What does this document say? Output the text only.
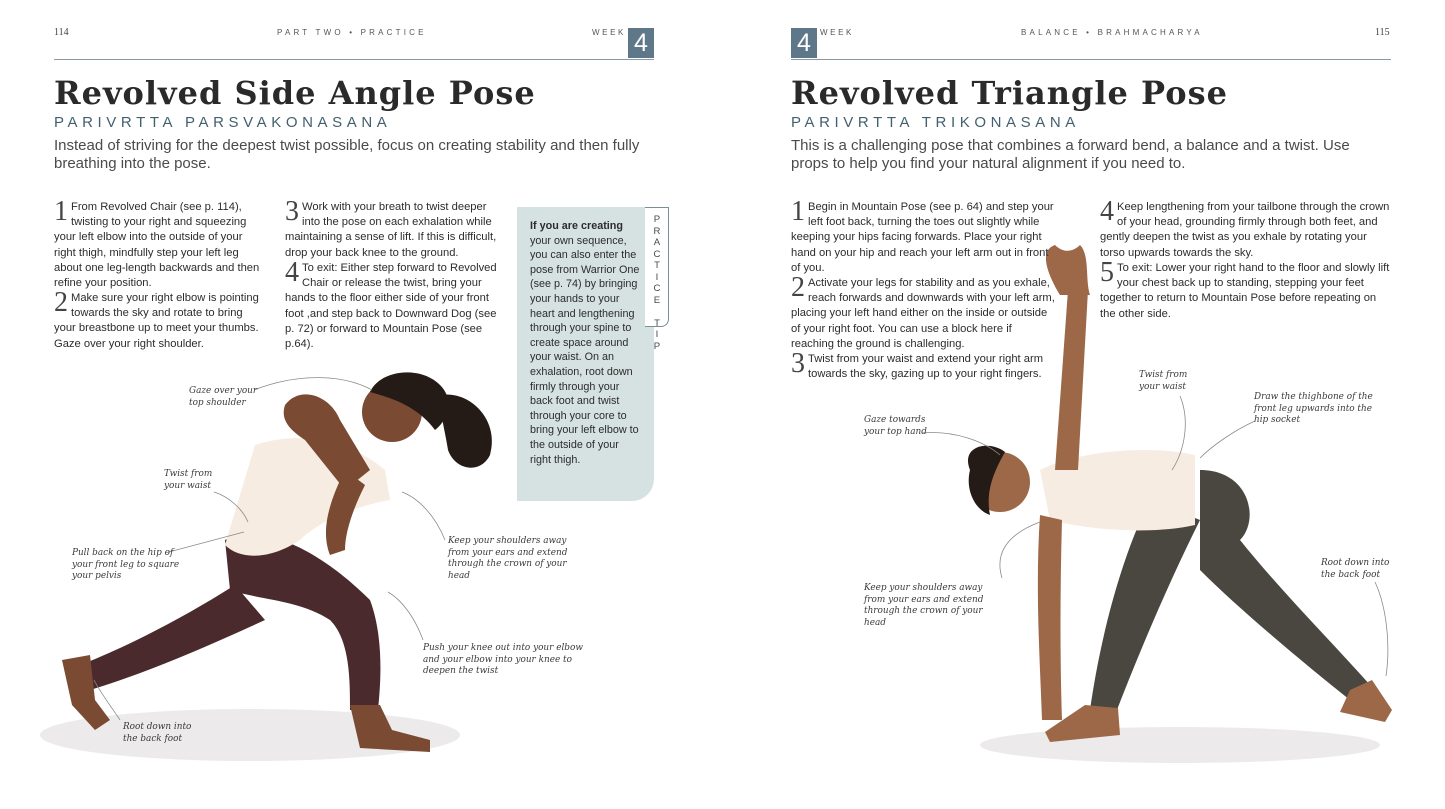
114	PART TWO • PRACTICE	WEEK 4
Revolved Side Angle Pose
PARIVRTTA PARSVAKONASANA
Instead of striving for the deepest twist possible, focus on creating stability and then fully breathing into the pose.
1 From Revolved Chair (see p. 114), twisting to your right and squeezing your left elbow into the outside of your right thigh, mindfully step your left leg about one leg-length backwards and then refine your position.
2 Make sure your right elbow is pointing towards the sky and rotate to bring your breastbone up to meet your thumbs. Gaze over your right shoulder.
3 Work with your breath to twist deeper into the pose on each exhalation while maintaining a sense of lift. If this is difficult, drop your back knee to the ground.
4 To exit: Either step forward to Revolved Chair or release the twist, bring your hands to the floor either side of your front foot ,and step back to Downward Dog (see p. 72) or forward to Mountain Pose (see p.64).
If you are creating your own sequence, you can also enter the pose from Warrior One (see p. 74) by bringing your hands to your heart and lengthening through your spine to create space around your waist. On an exhalation, root down firmly through your back foot and twist through your core to bring your left elbow to the outside of your right thigh.
P
R
A
C
T
I
C
E

T
I
P
Gaze over your top shoulder
Twist from your waist
Pull back on the hip of your front leg to square your pelvis
Keep your shoulders away from your ears and extend through the crown of your head
Push your knee out into your elbow and your elbow into your knee to deepen the twist
Root down into the back foot
4	WEEK	BALANCE • BRAHMACHARYA	115
Revolved Triangle Pose
PARIVRTTA TRIKONASANA
This is a challenging pose that combines a forward bend, a balance and a twist. Use props to help you find your natural alignment if you need to.
1 Begin in Mountain Pose (see p. 64) and step your left foot back, turning the toes out slightly while keeping your hips facing forwards. Place your right hand on your hip and reach your left arm out in front of you.
2 Activate your legs for stability and as you exhale, reach forwards and downwards with your left arm, placing your left hand either on the inside or outside of your right foot. You can use a block here if reaching the ground is challenging.
3 Twist from your waist and extend your right arm towards the sky, gazing up to your right fingers.
4 Keep lengthening from your tailbone through the crown of your head, grounding firmly through both feet, and gently deepen the twist as you exhale by rotating your torso upwards towards the sky.
5 To exit: Lower your right hand to the floor and slowly lift your chest back up to standing, stepping your feet together to return to Mountain Pose before repeating on the other side.
Twist from your waist
Draw the thighbone of the front leg upwards into the hip socket
Gaze towards your top hand
Keep your shoulders away from your ears and extend through the crown of your head
Root down into the back foot
